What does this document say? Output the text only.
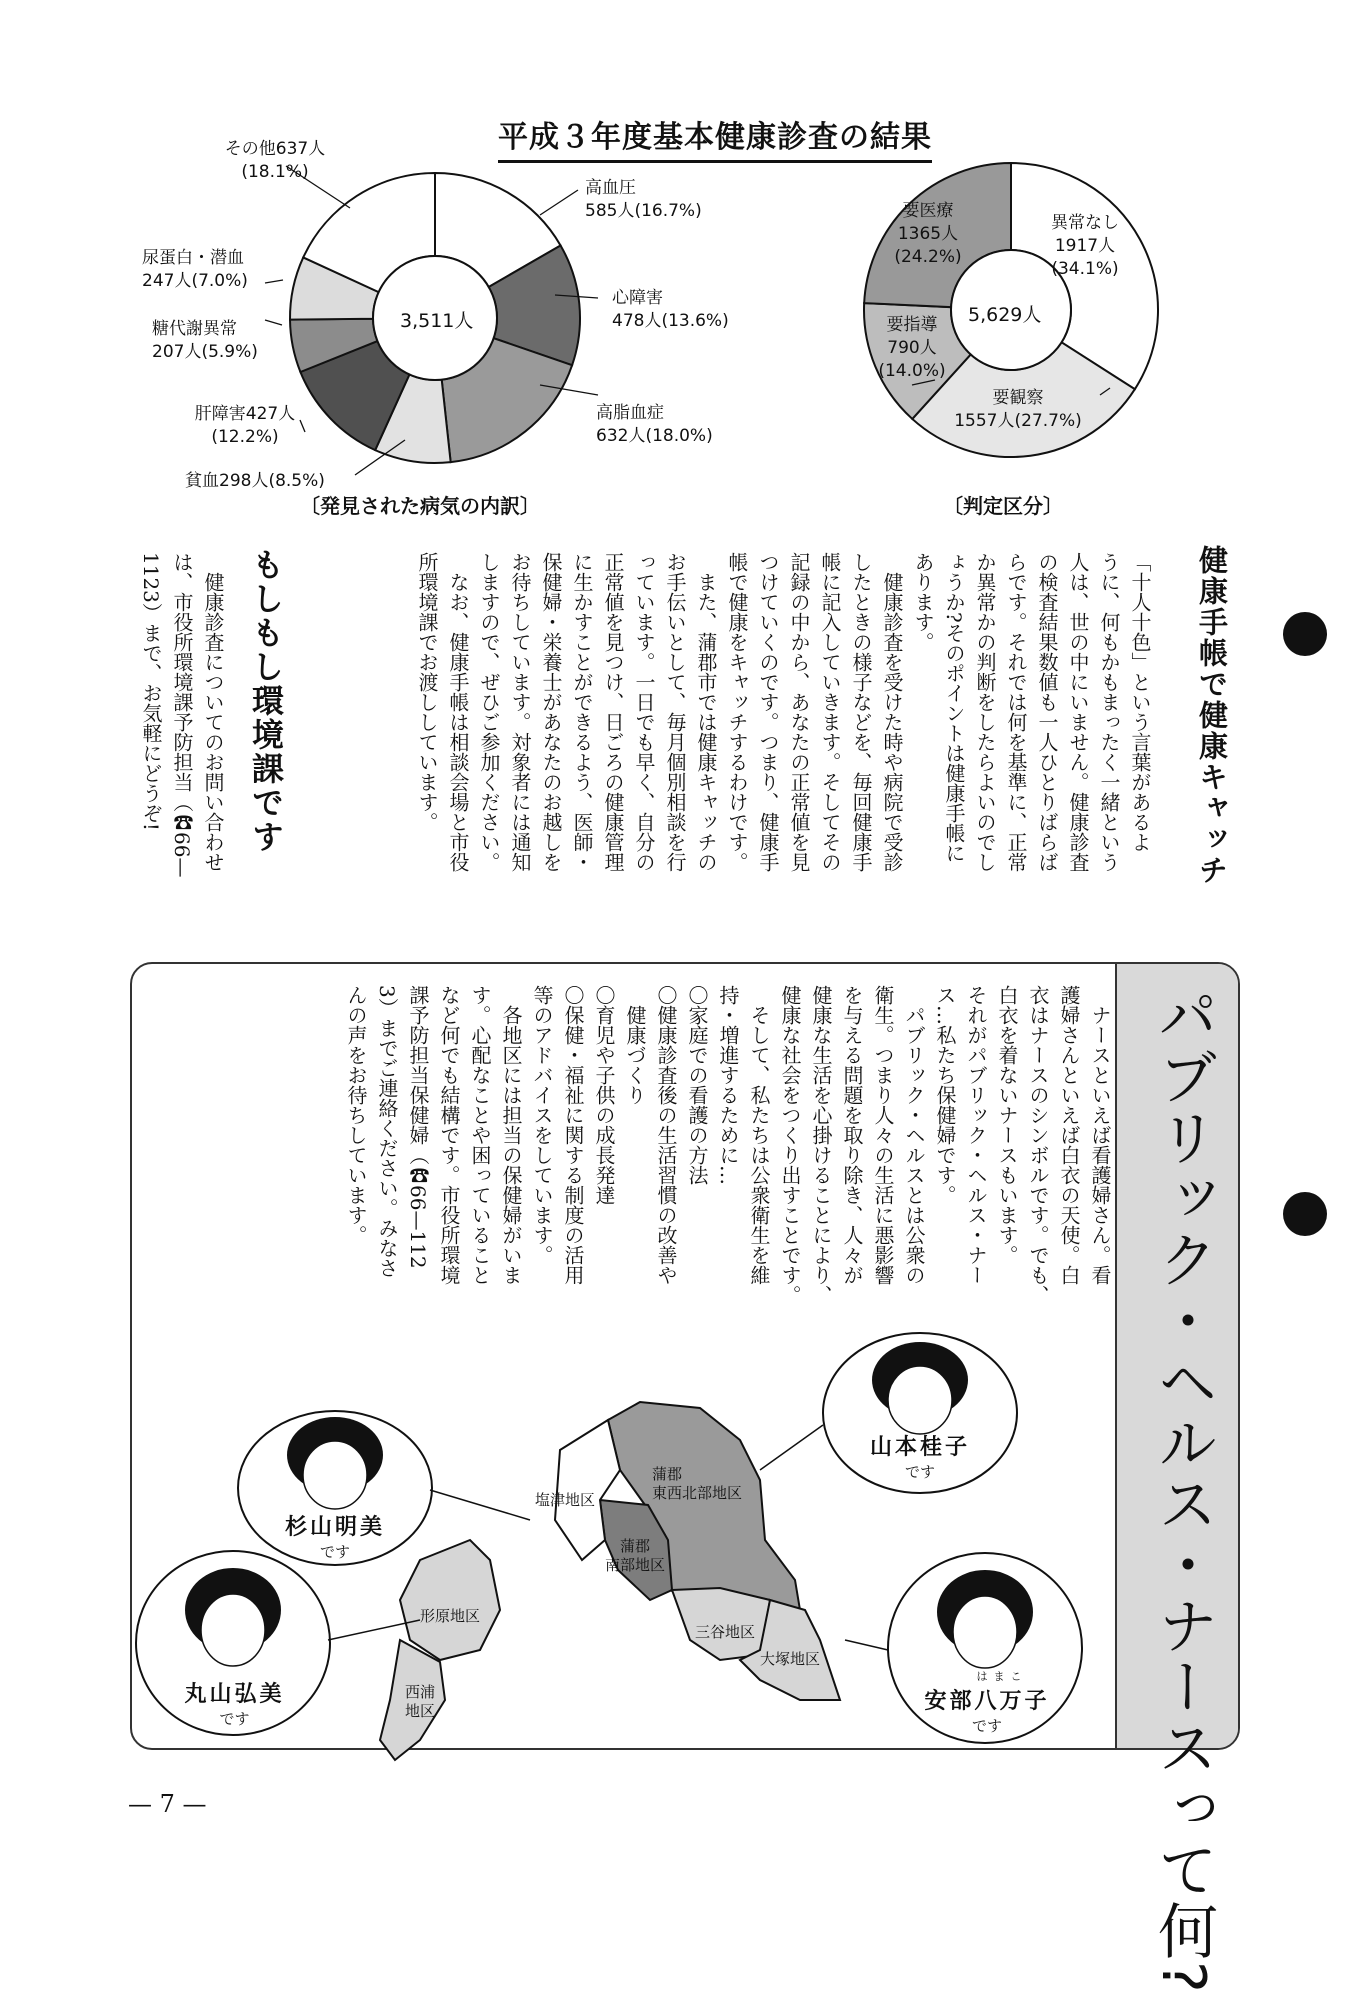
平成３年度基本健康診査の結果
3,511人	5,629人
その他637人
(18.1%)
高血圧
585人(16.7%)
尿蛋白・潜血
247人(7.0%)
心障害
478人(13.6%)
糖代謝異常
207人(5.9%)
高脂血症
632人(18.0%)
肝障害427人
(12.2%)
貧血298人(8.5%)
異常なし
1917人
(34.1%)
要医療
1365人
(24.2%)
要指導
790人
(14.0%)
要観察
1557人(27.7%)
〔発見された病気の内訳〕	〔判定区分〕
健康手帳で健康キャッチ
「十人十色」という言葉があるよ
うに、何もかもまったく一緒という
人は、世の中にいません。健康診査
の検査結果数値も一人ひとりばらば
らです。それでは何を基準に、正常
か異常かの判断をしたらよいのでし
ょうか?そのポイントは健康手帳に
あります。
　健康診査を受けた時や病院で受診
したときの様子などを、毎回健康手
帳に記入していきます。そしてその
記録の中から、あなたの正常値を見
つけていくのです。つまり、健康手
帳で健康をキャッチするわけです。
　また、蒲郡市では健康キャッチの
お手伝いとして、毎月個別相談を行
っています。一日でも早く、自分の
正常値を見つけ、日ごろの健康管理
に生かすことができるよう、医師・
保健婦・栄養士があなたのお越しを
お待ちしています。対象者には通知
しますので、ぜひご参加ください。
　なお、健康手帳は相談会場と市役
所環境課でお渡ししています。
もしもし環境課です
　健康診査についてのお問い合わせ
は、市役所環境課予防担当（☎66—
1123）まで、お気軽にどうぞ!
パブリック・ヘルス・ナースって何?
　ナースといえば看護婦さん。看
護婦さんといえば白衣の天使。白
衣はナースのシンボルです。でも、
白衣を着ないナースもいます。
それがパブリック・ヘルス・ナー
ス…私たち保健婦です。
　パブリック・ヘルスとは公衆の
衛生。つまり人々の生活に悪影響
を与える問題を取り除き、人々が
健康な生活を心掛けることにより、
健康な社会をつくり出すことです。
　そして、私たちは公衆衛生を維
持・増進するために…
〇家庭での看護の方法
〇健康診査後の生活習慣の改善や
　健康づくり
〇育児や子供の成長発達
〇保健・福祉に関する制度の活用
等のアドバイスをしています。
　各地区には担当の保健婦がいま
す。心配なことや困っていること
など何でも結構です。市役所環境
課予防担当保健婦（☎66—112
3）までご連絡ください。みなさ
んの声をお待ちしています。
塩津地区
蒲郡
東西北部地区
蒲郡
南部地区
形原地区
西浦
地区
三谷地区
大塚地区
杉山明美
です
丸山弘美
です
山本桂子
です
はまこ
安部八万子
です
— 7 —
